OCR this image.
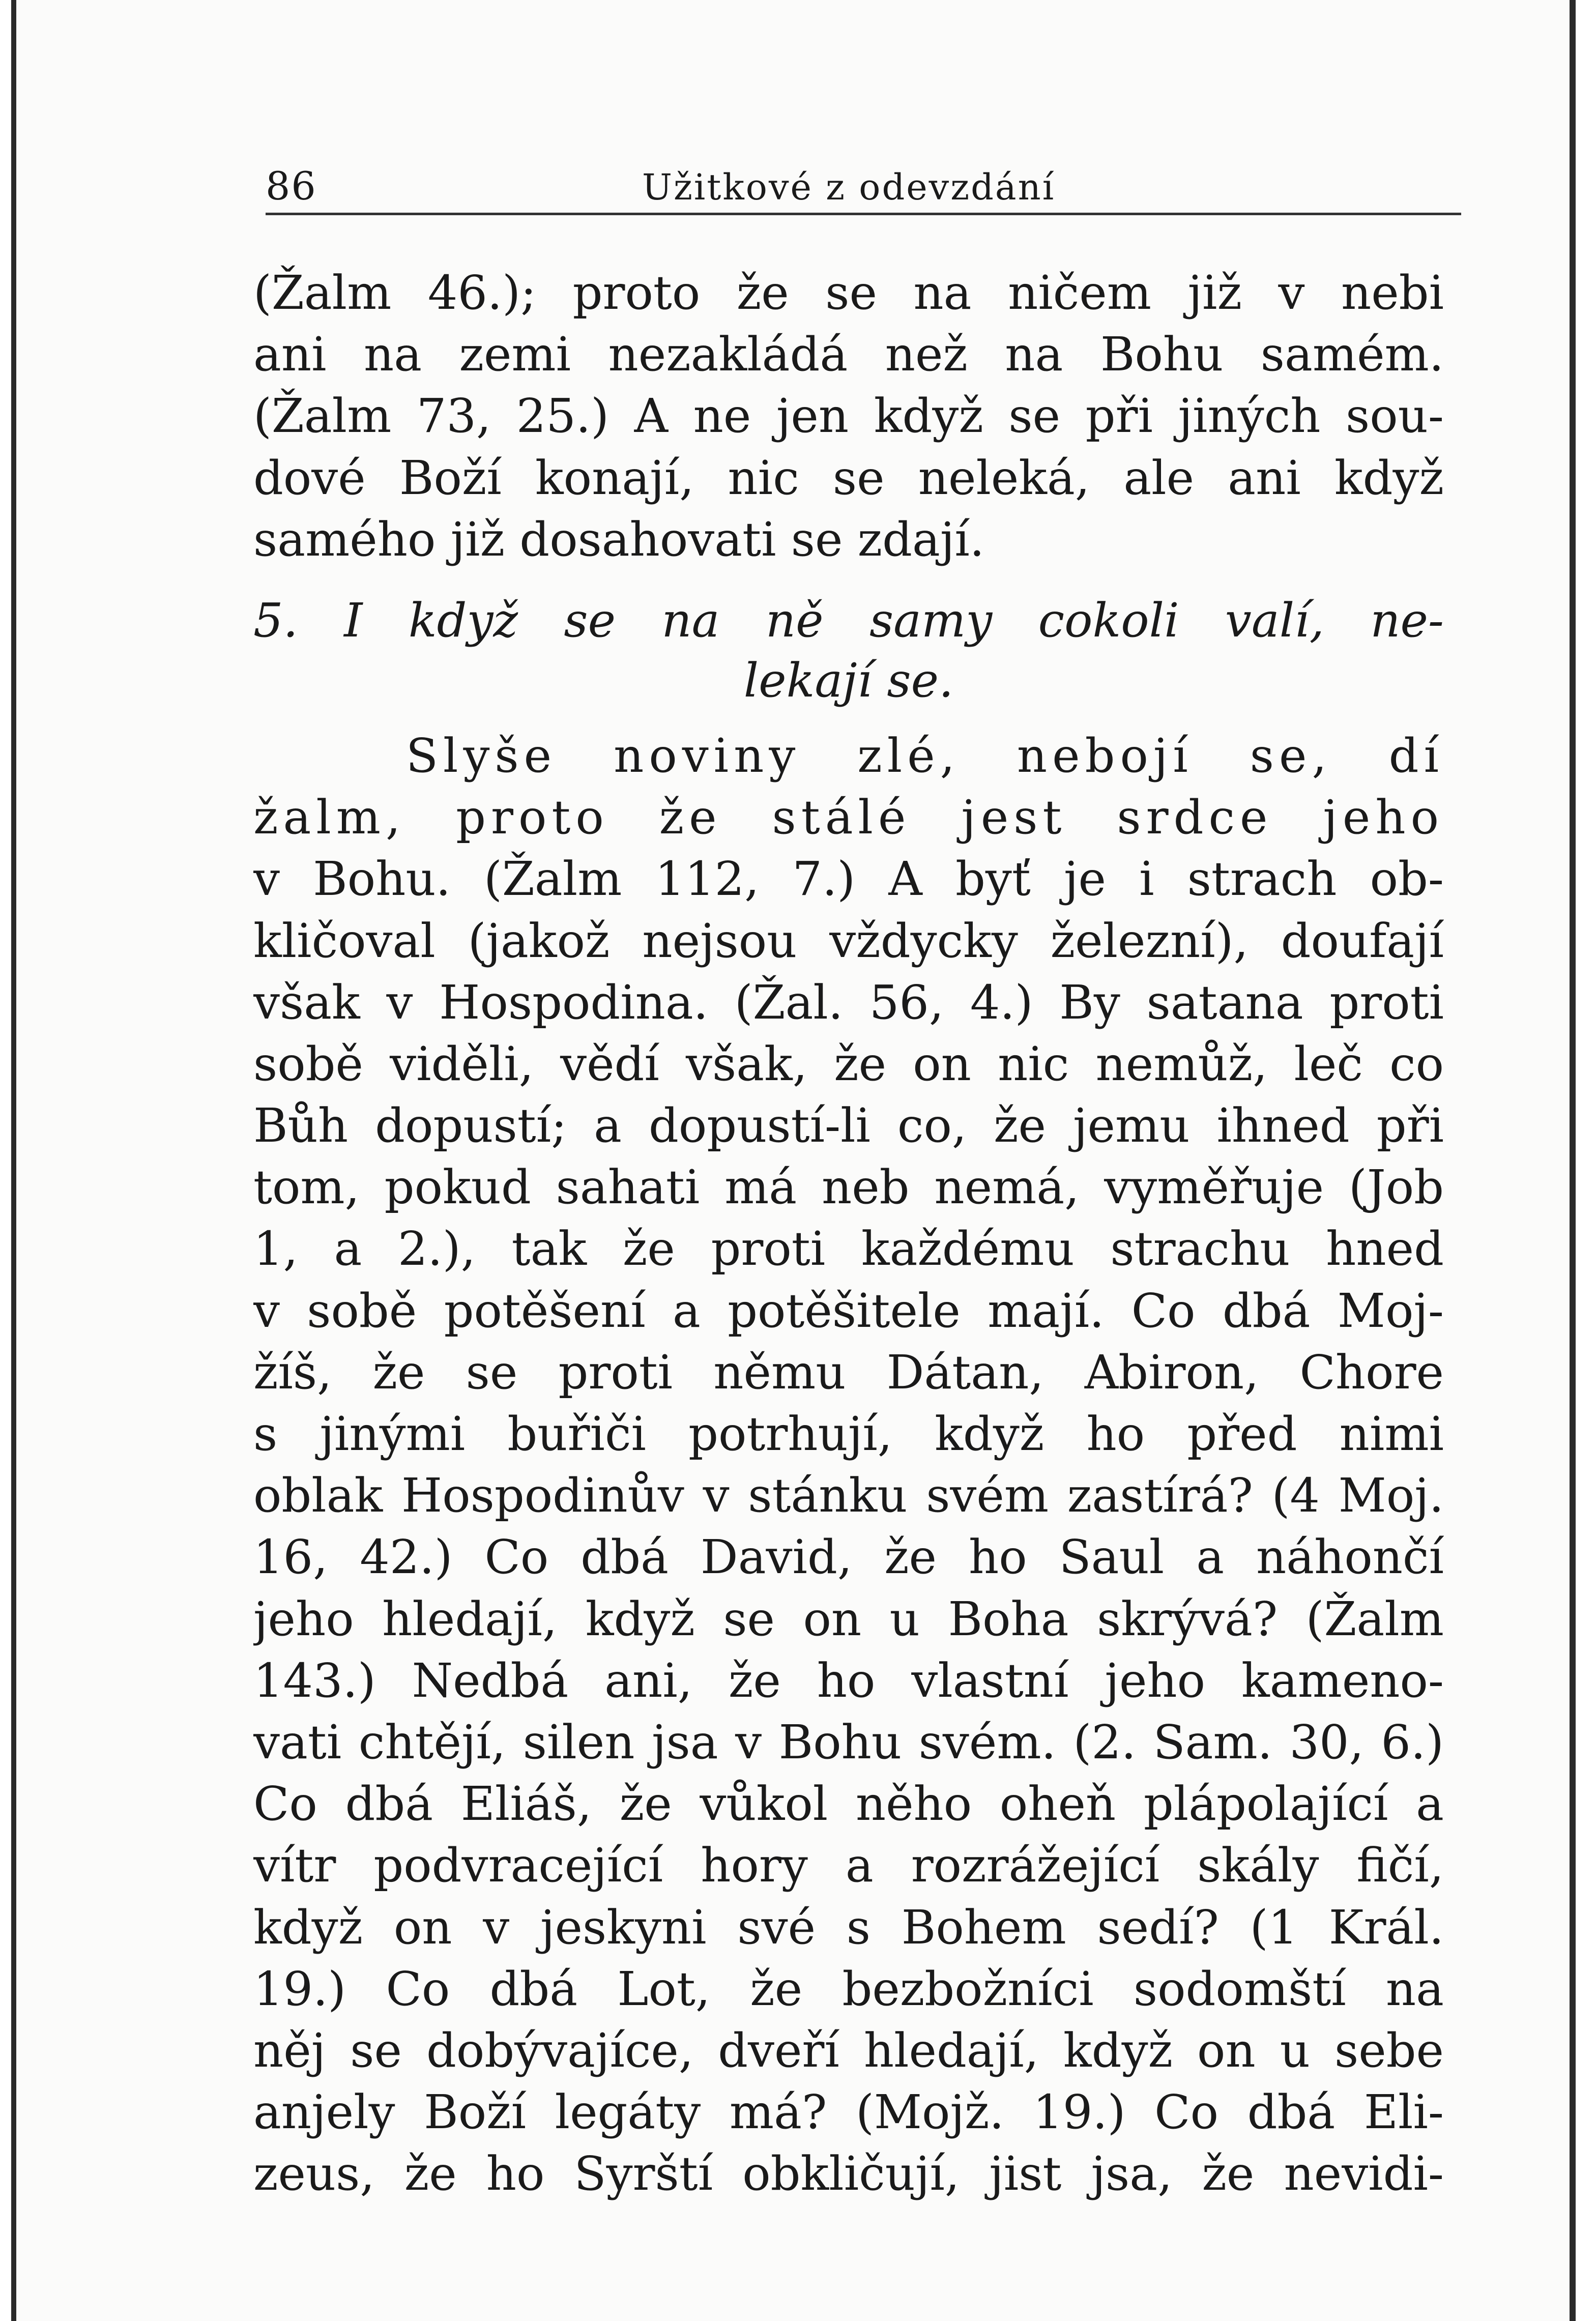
86	Užitkové z odevzdání
(Žalm 46.); proto že se na ničem již v nebi
ani na zemi nezakládá než na Bohu samém.
(Žalm 73, 25.) A ne jen když se při jiných sou-
dové Boží konají, nic se neleká, ale ani když
samého již dosahovati se zdají.
5. I když se na ně samy cokoli valí, ne-
lekají se.
Slyše noviny zlé, nebojí se, dí
žalm, proto že stálé jest srdce jeho
v Bohu. (Žalm 112, 7.) A byť je i strach ob-
kličoval (jakož nejsou vždycky železní), doufají
však v Hospodina. (Žal. 56, 4.) By satana proti
sobě viděli, vědí však, že on nic nemůž, leč co
Bůh dopustí; a dopustí-li co, že jemu ihned při
tom, pokud sahati má neb nemá, vyměřuje (Job
1, a 2.), tak že proti každému strachu hned
v sobě potěšení a potěšitele mají. Co dbá Moj-
žíš, že se proti němu Dátan, Abiron, Chore
s jinými buřiči potrhují, když ho před nimi
oblak Hospodinův v stánku svém zastírá? (4 Moj.
16, 42.) Co dbá David, že ho Saul a náhončí
jeho hledají, když se on u Boha skrývá? (Žalm
143.) Nedbá ani, že ho vlastní jeho kameno-
vati chtějí, silen jsa v Bohu svém. (2. Sam. 30, 6.)
Co dbá Eliáš, že vůkol něho oheň plápolající a
vítr podvracející hory a rozrážející skály fičí,
když on v jeskyni své s Bohem sedí? (1 Král.
19.) Co dbá Lot, že bezbožníci sodomští na
něj se dobývajíce, dveří hledají, když on u sebe
anjely Boží legáty má? (Mojž. 19.) Co dbá Eli-
zeus, že ho Syrští obkličují, jist jsa, že nevidi-
